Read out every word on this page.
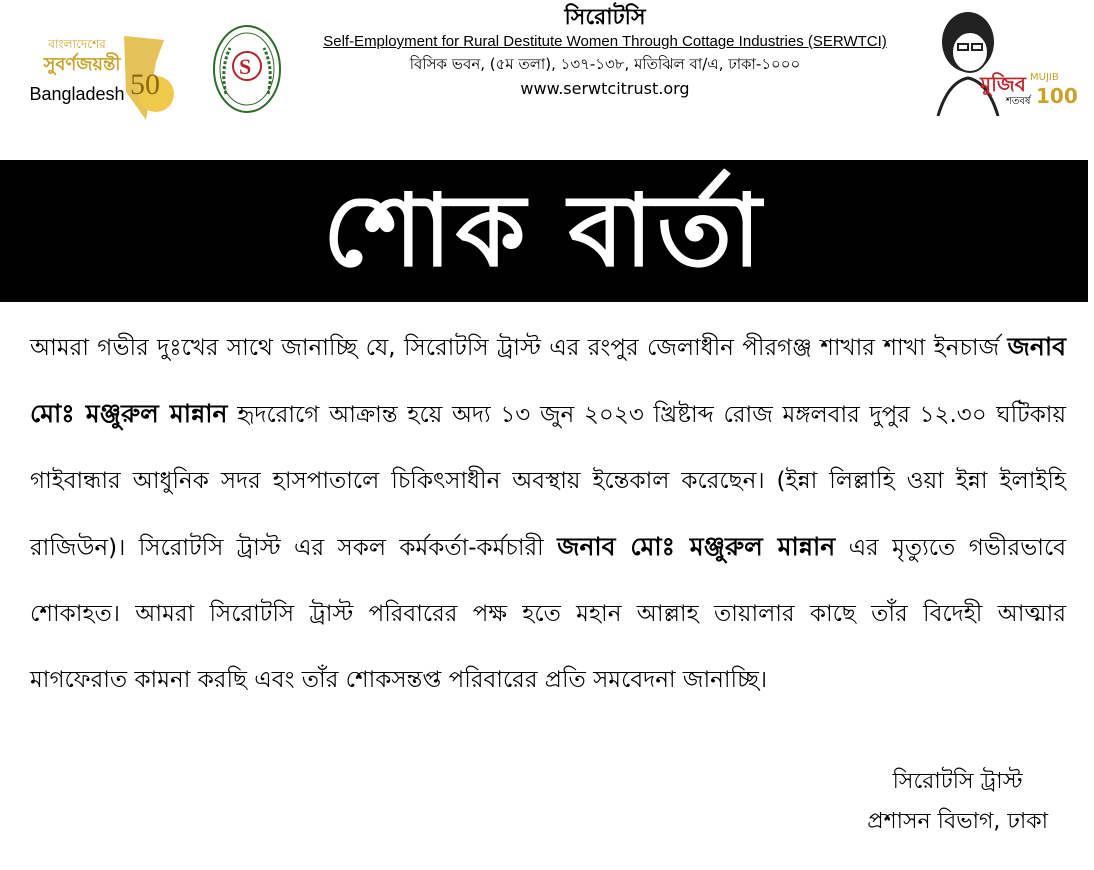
বাংলাদেশের
সুবর্ণজয়ন্তী
Bangladesh 50
S
সিরোটসি
Self-Employment for Rural Destitute Women Through Cottage Industries (SERWTCI)
বিসিক ভবন, (৫ম তলা), ১৩৭-১৩৮, মতিঝিল বা/এ, ঢাকা-১০০০
www.serwtcitrust.org	মুজিব
শতবর্ষ
MUJIB
100
শোক বার্তা
আমরা গভীর দুঃখের সাথে জানাচ্ছি যে, সিরোটসি ট্রাস্ট এর রংপুর জেলাধীন পীরগঞ্জ শাখার শাখা ইনচার্জ জনাব মোঃ মঞ্জুরুল মান্নান হৃদরোগে আক্রান্ত হয়ে অদ্য ১৩ জুন ২০২৩ খ্রিষ্টাব্দ রোজ মঙ্গলবার দুপুর ১২.৩০ ঘটিকায় গাইবান্ধার আধুনিক সদর হাসপাতালে চিকিৎসাধীন অবস্থায় ইন্তেকাল করেছেন। (ইন্না লিল্লাহি ওয়া ইন্না ইলাইহি রাজিউন)। সিরোটসি ট্রাস্ট এর সকল কর্মকর্তা-কর্মচারী জনাব মোঃ মঞ্জুরুল মান্নান এর মৃত্যুতে গভীরভাবে শোকাহত। আমরা সিরোটসি ট্রাস্ট পরিবারের পক্ষ হতে মহান আল্লাহ তায়ালার কাছে তাঁর বিদেহী আত্মার মাগফেরাত কামনা করছি এবং তাঁর শোকসন্তপ্ত পরিবারের প্রতি সমবেদনা জানাচ্ছি।
সিরোটসি ট্রাস্ট
প্রশাসন বিভাগ, ঢাকা
